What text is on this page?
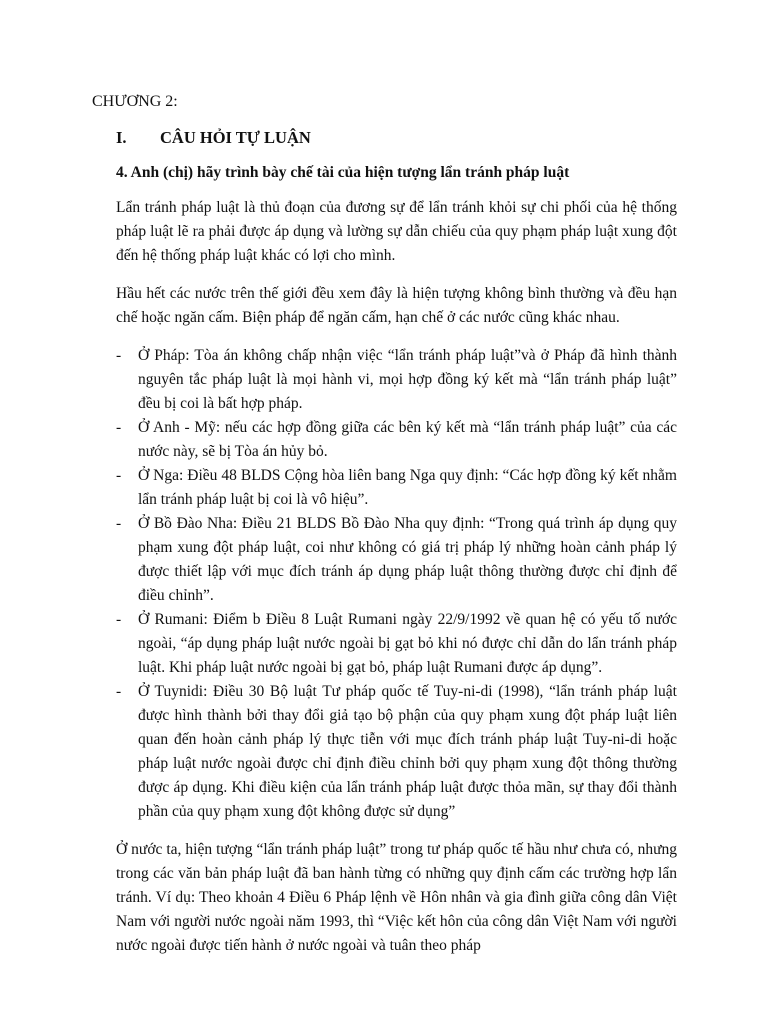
CHƯƠNG 2:
I. CÂU HỎI TỰ LUẬN
4. Anh (chị) hãy trình bày chế tài của hiện tượng lẩn tránh pháp luật

Lẩn tránh pháp luật là thủ đoạn của đương sự để lẩn tránh khỏi sự chi phối của hệ thống pháp luật lẽ ra phải được áp dụng và lường sự dẫn chiếu của quy phạm pháp luật xung đột đến hệ thống pháp luật khác có lợi cho mình.

Hầu hết các nước trên thế giới đều xem đây là hiện tượng không bình thường và đều hạn chế hoặc ngăn cấm. Biện pháp để ngăn cấm, hạn chế ở các nước cũng khác nhau.

- Ở Pháp: Tòa án không chấp nhận việc “lẩn tránh pháp luật”và ở Pháp đã hình thành nguyên tắc pháp luật là mọi hành vi, mọi hợp đồng ký kết mà “lẩn tránh pháp luật” đều bị coi là bất hợp pháp.
- Ở Anh - Mỹ: nếu các hợp đồng giữa các bên ký kết mà “lẩn tránh pháp luật” của các nước này, sẽ bị Tòa án hủy bỏ.
- Ở Nga: Điều 48 BLDS Cộng hòa liên bang Nga quy định: “Các hợp đồng ký kết nhằm lẩn tránh pháp luật bị coi là vô hiệu”.
- Ở Bồ Đào Nha: Điều 21 BLDS Bồ Đào Nha quy định: “Trong quá trình áp dụng quy phạm xung đột pháp luật, coi như không có giá trị pháp lý những hoàn cảnh pháp lý được thiết lập với mục đích tránh áp dụng pháp luật thông thường được chỉ định để điều chỉnh”.
- Ở Rumani: Điểm b Điều 8 Luật Rumani ngày 22/9/1992 về quan hệ có yếu tố nước ngoài, “áp dụng pháp luật nước ngoài bị gạt bỏ khi nó được chỉ dẫn do lẩn tránh pháp luật. Khi pháp luật nước ngoài bị gạt bỏ, pháp luật Rumani được áp dụng”.
- Ở Tuynidi: Điều 30 Bộ luật Tư pháp quốc tế Tuy-ni-di (1998), “lẩn tránh pháp luật được hình thành bởi thay đổi giả tạo bộ phận của quy phạm xung đột pháp luật liên quan đến hoàn cảnh pháp lý thực tiễn với mục đích tránh pháp luật Tuy-ni-di hoặc pháp luật nước ngoài được chỉ định điều chỉnh bởi quy phạm xung đột thông thường được áp dụng. Khi điều kiện của lẩn tránh pháp luật được thỏa mãn, sự thay đổi thành phần của quy phạm xung đột không được sử dụng”

Ở nước ta, hiện tượng “lẩn tránh pháp luật” trong tư pháp quốc tế hầu như chưa có, nhưng trong các văn bản pháp luật đã ban hành từng có những quy định cấm các trường hợp lẩn tránh. Ví dụ: Theo khoản 4 Điều 6 Pháp lệnh về Hôn nhân và gia đình giữa công dân Việt Nam với người nước ngoài năm 1993, thì “Việc kết hôn của công dân Việt Nam với người nước ngoài được tiến hành ở nước ngoài và tuân theo pháp
